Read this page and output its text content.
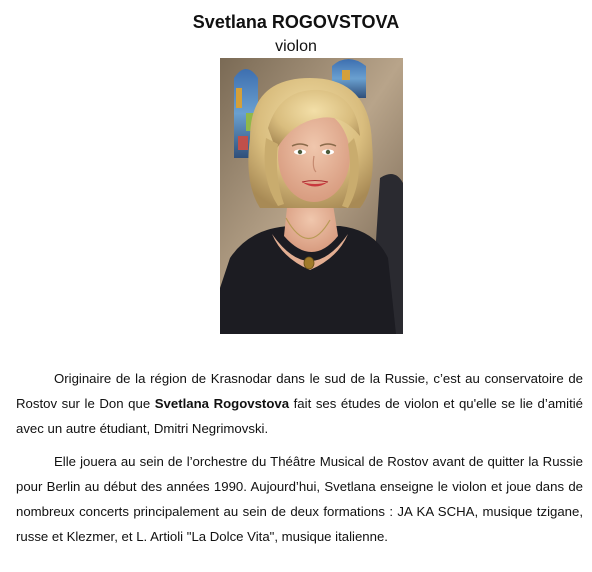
Svetlana ROGOVSTOVA
violon

Originaire de la région de Krasnodar dans le sud de la Russie, c’est au conservatoire de Rostov sur le Don que Svetlana Rogovstova fait ses études de violon et qu'elle se lie d’amitié avec un autre étudiant, Dmitri Negrimovski.

Elle jouera au sein de l’orchestre du Théâtre Musical de Rostov avant de quitter la Russie pour Berlin au début des années 1990. Aujourd’hui, Svetlana enseigne le violon et joue dans de nombreux concerts principalement au sein de deux formations : JA KA SCHA, musique tzigane, russe et Klezmer, et L. Artioli "La Dolce Vita", musique italienne.
